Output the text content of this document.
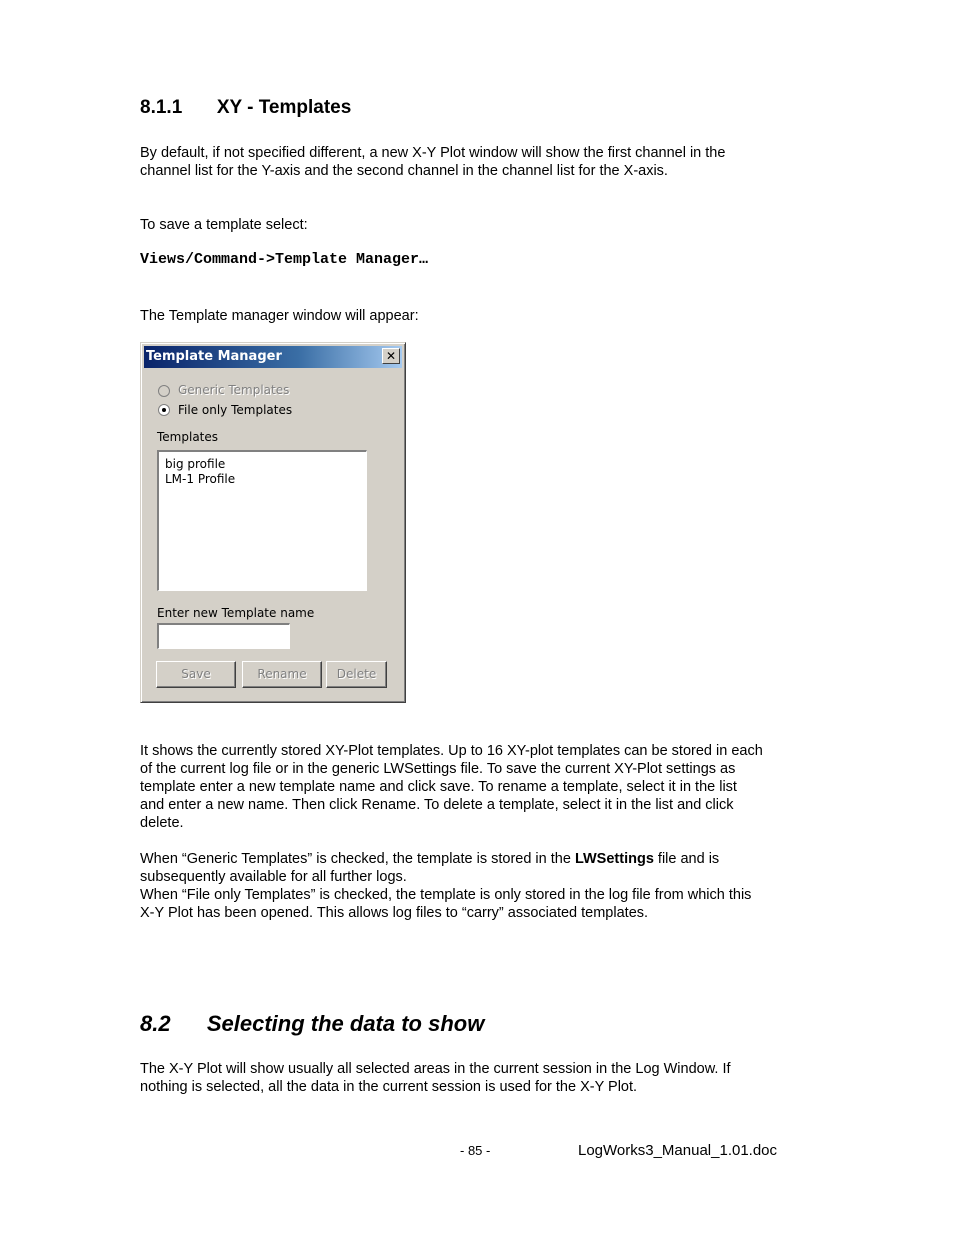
8.1.1 XY - Templates
By default, if not specified different, a new X-Y Plot window will show the first channel in the
channel list for the Y-axis and the second channel in the channel list for the X-axis.
To save a template select:
Views/Command->Template Manager…
The Template manager window will appear:
Template Manager	✕
Generic Templates
File only Templates
Templates
big profile
LM-1 Profile
Enter new Template name
Save	Rename	Delete
It shows the currently stored XY-Plot templates. Up to 16 XY-plot templates can be stored in each
of the current log file or in the generic LWSettings file. To save the current XY-Plot settings as
template enter a new template name and click save. To rename a template, select it in the list
and enter a new name. Then click Rename. To delete a template, select it in the list and click
delete.
When “Generic Templates” is checked, the template is stored in the LWSettings file and is
subsequently available for all further logs.
When “File only Templates” is checked, the template is only stored in the log file from which this
X-Y Plot has been opened. This allows log files to “carry” associated templates.
8.2 Selecting the data to show
The X-Y Plot will show usually all selected areas in the current session in the Log Window. If
nothing is selected, all the data in the current session is used for the X-Y Plot.
- 85 -	LogWorks3_Manual_1.01.doc
